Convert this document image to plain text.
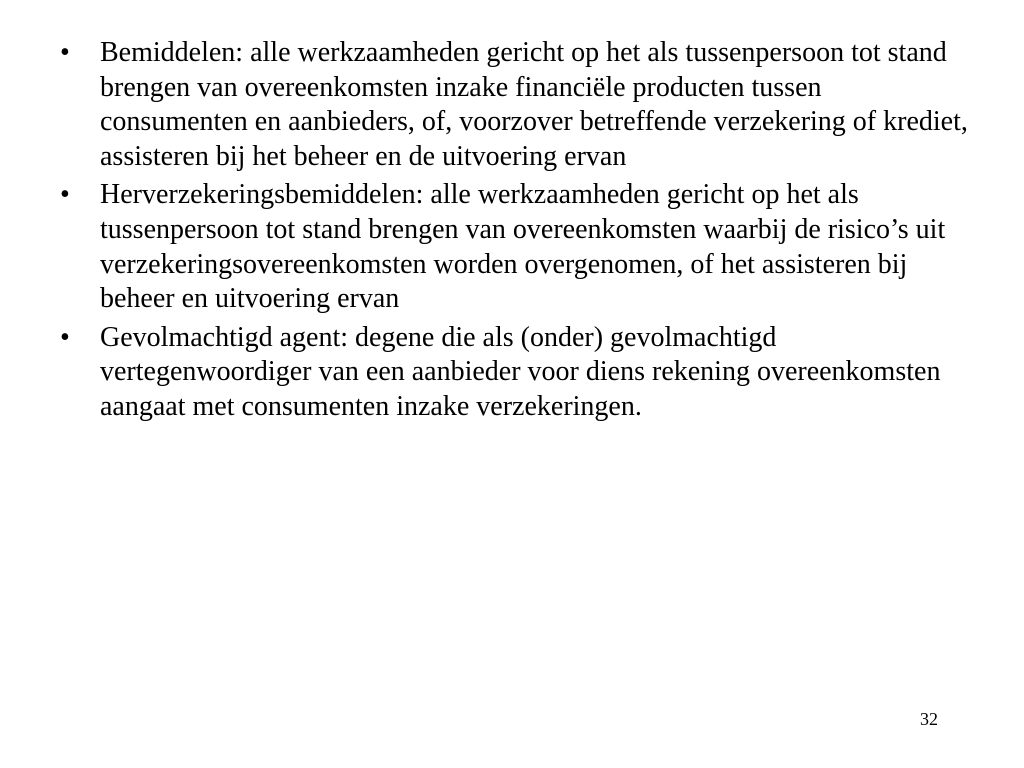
•	Bemiddelen: alle werkzaamheden gericht op het als tussenpersoon tot stand brengen van overeenkomsten inzake financiële producten tussen consumenten en aanbieders, of, voorzover betreffende verzekering of krediet, assisteren bij het beheer en de uitvoering ervan
•	Herverzekeringsbemiddelen: alle werkzaamheden gericht op het als tussenpersoon tot stand brengen van overeenkomsten waarbij de risico’s uit verzekeringsovereenkomsten worden overgenomen, of het assisteren bij beheer en uitvoering ervan
•	Gevolmachtigd agent: degene die als (onder) gevolmachtigd vertegenwoordiger van een aanbieder voor diens rekening overeenkomsten aangaat met consumenten inzake verzekeringen.
32
